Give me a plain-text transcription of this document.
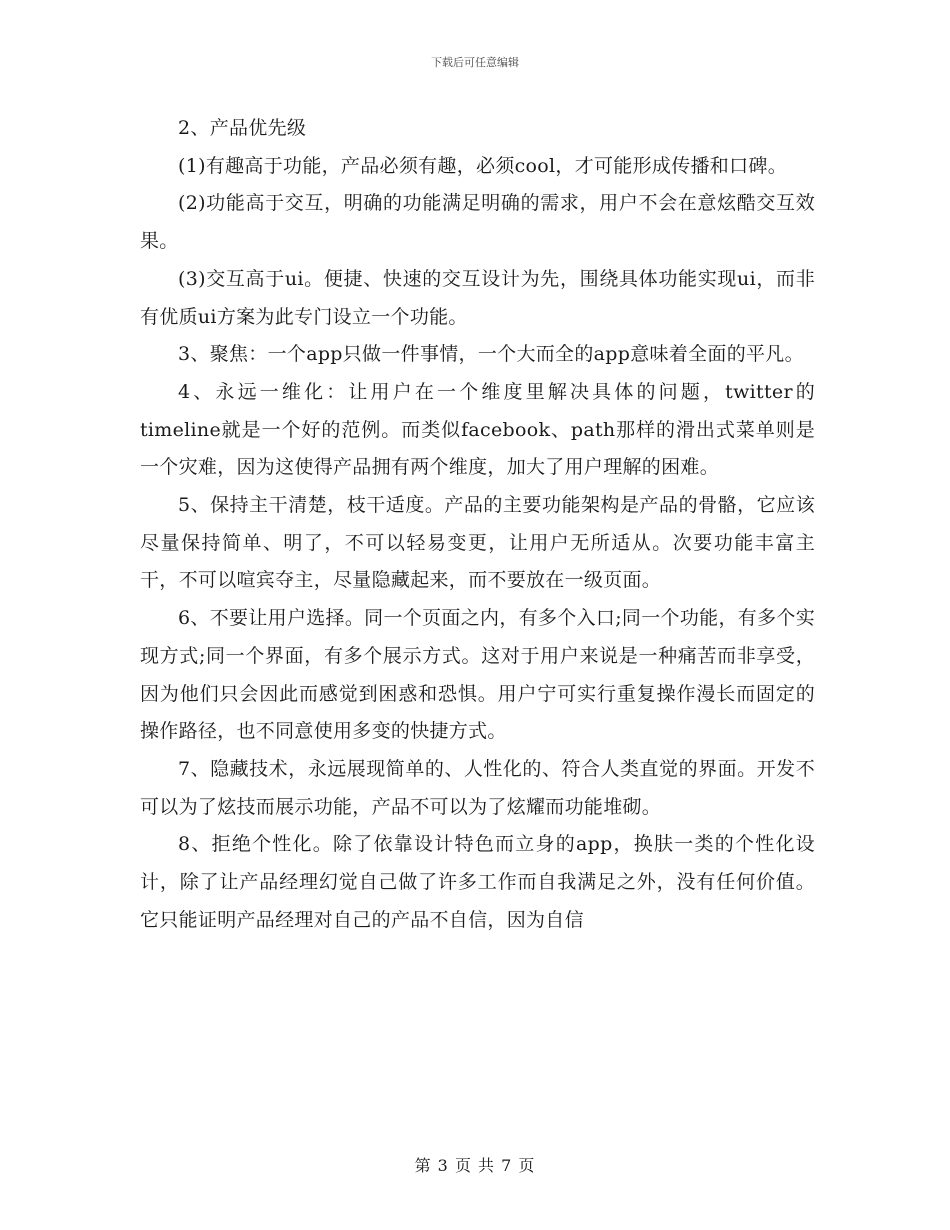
下载后可任意编辑

2、产品优先级

(1)有趣高于功能，产品必须有趣，必须cool，才可能形成传播和口碑。

(2)功能高于交互，明确的功能满足明确的需求，用户不会在意炫酷交互效果。

(3)交互高于ui。便捷、快速的交互设计为先，围绕具体功能实现ui，而非有优质ui方案为此专门设立一个功能。

3、聚焦：一个app只做一件事情，一个大而全的app意味着全面的平凡。

4、永远一维化：让用户在一个维度里解决具体的问题，twitter的timeline就是一个好的范例。而类似facebook、path那样的滑出式菜单则是一个灾难，因为这使得产品拥有两个维度，加大了用户理解的困难。

5、保持主干清楚，枝干适度。产品的主要功能架构是产品的骨骼，它应该尽量保持简单、明了，不可以轻易变更，让用户无所适从。次要功能丰富主干，不可以喧宾夺主，尽量隐藏起来，而不要放在一级页面。

6、不要让用户选择。同一个页面之内，有多个入口;同一个功能，有多个实现方式;同一个界面，有多个展示方式。这对于用户来说是一种痛苦而非享受，因为他们只会因此而感觉到困惑和恐惧。用户宁可实行重复操作漫长而固定的操作路径，也不同意使用多变的快捷方式。

7、隐藏技术，永远展现简单的、人性化的、符合人类直觉的界面。开发不可以为了炫技而展示功能，产品不可以为了炫耀而功能堆砌。

8、拒绝个性化。除了依靠设计特色而立身的app，换肤一类的个性化设计，除了让产品经理幻觉自己做了许多工作而自我满足之外，没有任何价值。它只能证明产品经理对自己的产品不自信，因为自信

第 3 页 共 7 页
